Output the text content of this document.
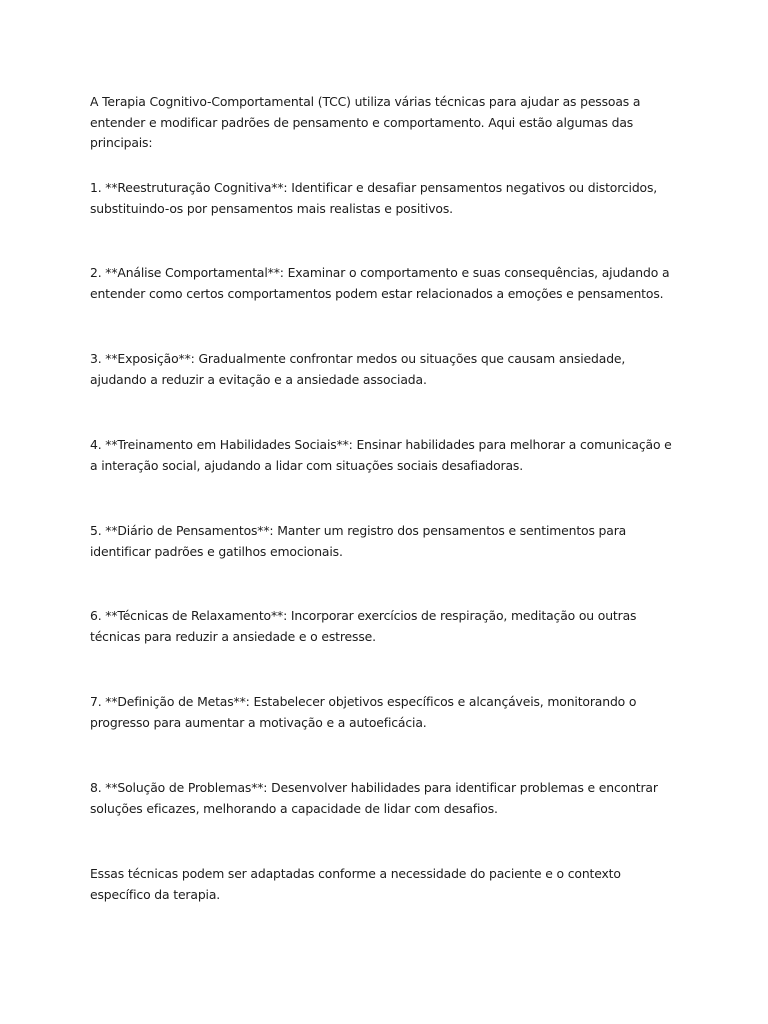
A Terapia Cognitivo-Comportamental (TCC) utiliza várias técnicas para ajudar as pessoas a entender e modificar padrões de pensamento e comportamento. Aqui estão algumas das principais:

1. **Reestruturação Cognitiva**: Identificar e desafiar pensamentos negativos ou distorcidos, substituindo-os por pensamentos mais realistas e positivos.

2. **Análise Comportamental**: Examinar o comportamento e suas consequências, ajudando a entender como certos comportamentos podem estar relacionados a emoções e pensamentos.

3. **Exposição**: Gradualmente confrontar medos ou situações que causam ansiedade, ajudando a reduzir a evitação e a ansiedade associada.

4. **Treinamento em Habilidades Sociais**: Ensinar habilidades para melhorar a comunicação e a interação social, ajudando a lidar com situações sociais desafiadoras.

5. **Diário de Pensamentos**: Manter um registro dos pensamentos e sentimentos para identificar padrões e gatilhos emocionais.

6. **Técnicas de Relaxamento**: Incorporar exercícios de respiração, meditação ou outras técnicas para reduzir a ansiedade e o estresse.

7. **Definição de Metas**: Estabelecer objetivos específicos e alcançáveis, monitorando o progresso para aumentar a motivação e a autoeficácia.

8. **Solução de Problemas**: Desenvolver habilidades para identificar problemas e encontrar soluções eficazes, melhorando a capacidade de lidar com desafios.

Essas técnicas podem ser adaptadas conforme a necessidade do paciente e o contexto específico da terapia.
